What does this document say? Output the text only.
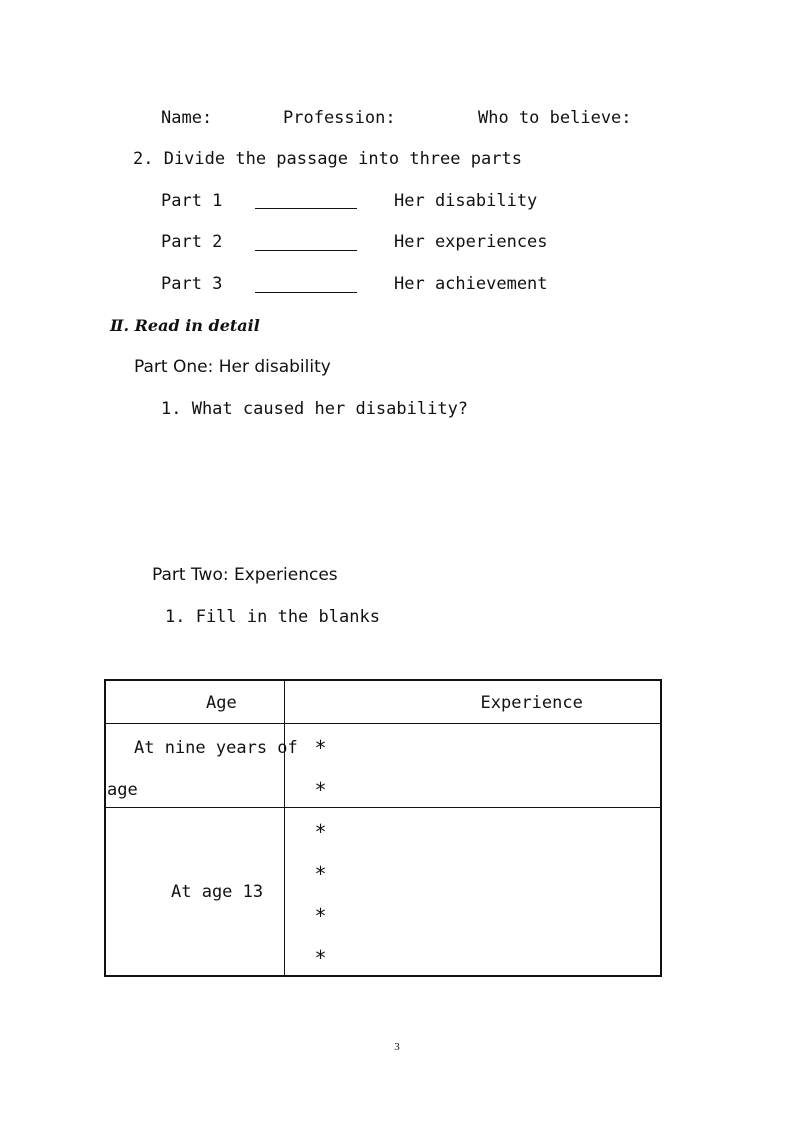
Name:	Profession:	Who to believe:
2. Divide the passage into three parts
Part 1	Her disability
Part 2	Her experiences
Part 3	Her achievement
Ⅱ. Read in detail
Part One: Her disability
1. What caused her disability?
Part Two: Experiences
1. Fill in the blanks
Age	Experience

At nine years of
age	*
*

At age 13	*
*
*
*
3
